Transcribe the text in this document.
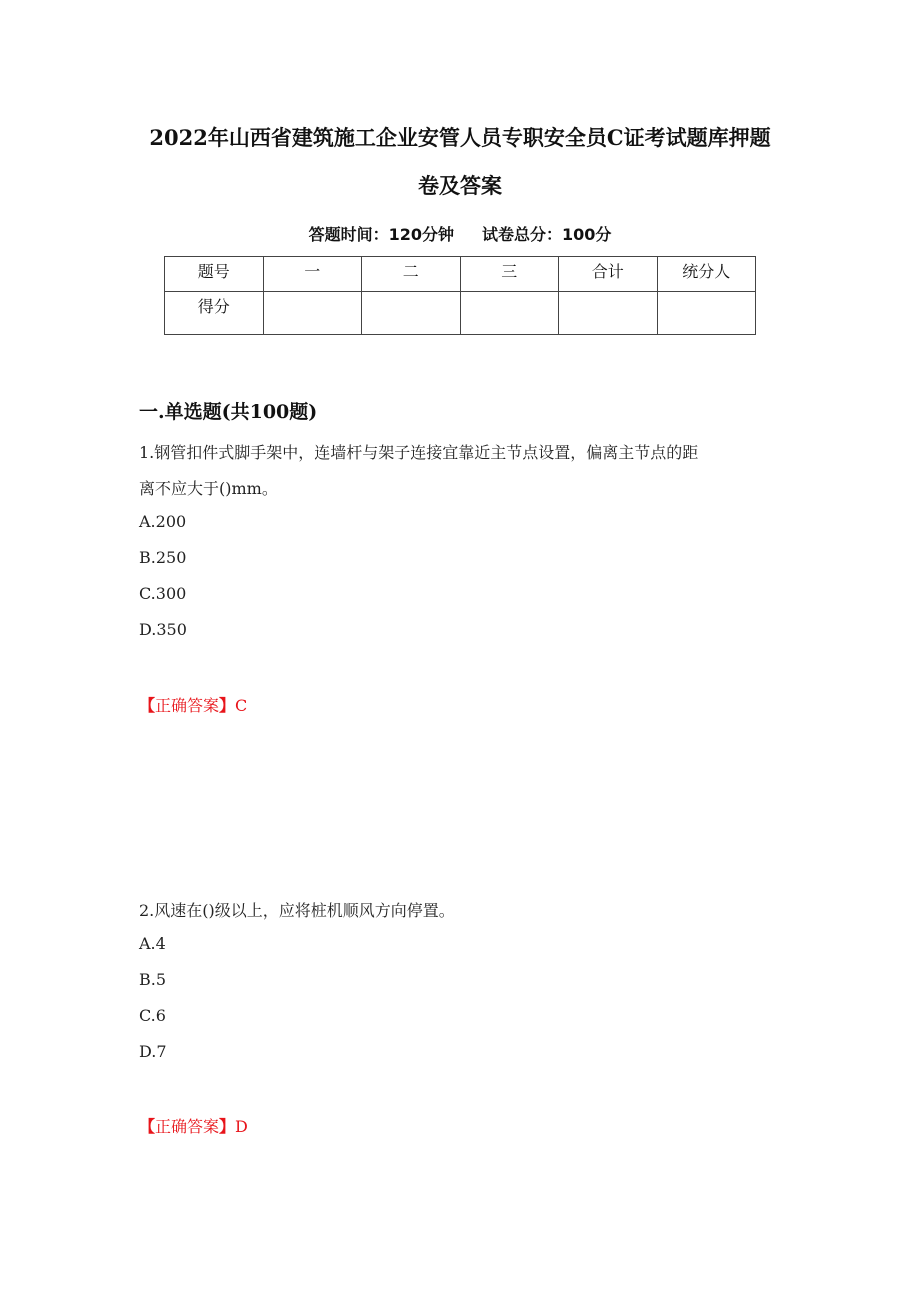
2022年山西省建筑施工企业安管人员专职安全员C证考试题库押题
卷及答案
答题时间：120分钟 试卷总分：100分
题号	一	二	三	合计	统分人
得分					
一.单选题(共100题)
1.钢管扣件式脚手架中，连墙杆与架子连接宜靠近主节点设置，偏离主节点的距
离不应大于()mm。
A.200
B.250
C.300
D.350
【正确答案】C
2.风速在()级以上，应将桩机顺风方向停置。
A.4
B.5
C.6
D.7
【正确答案】D
